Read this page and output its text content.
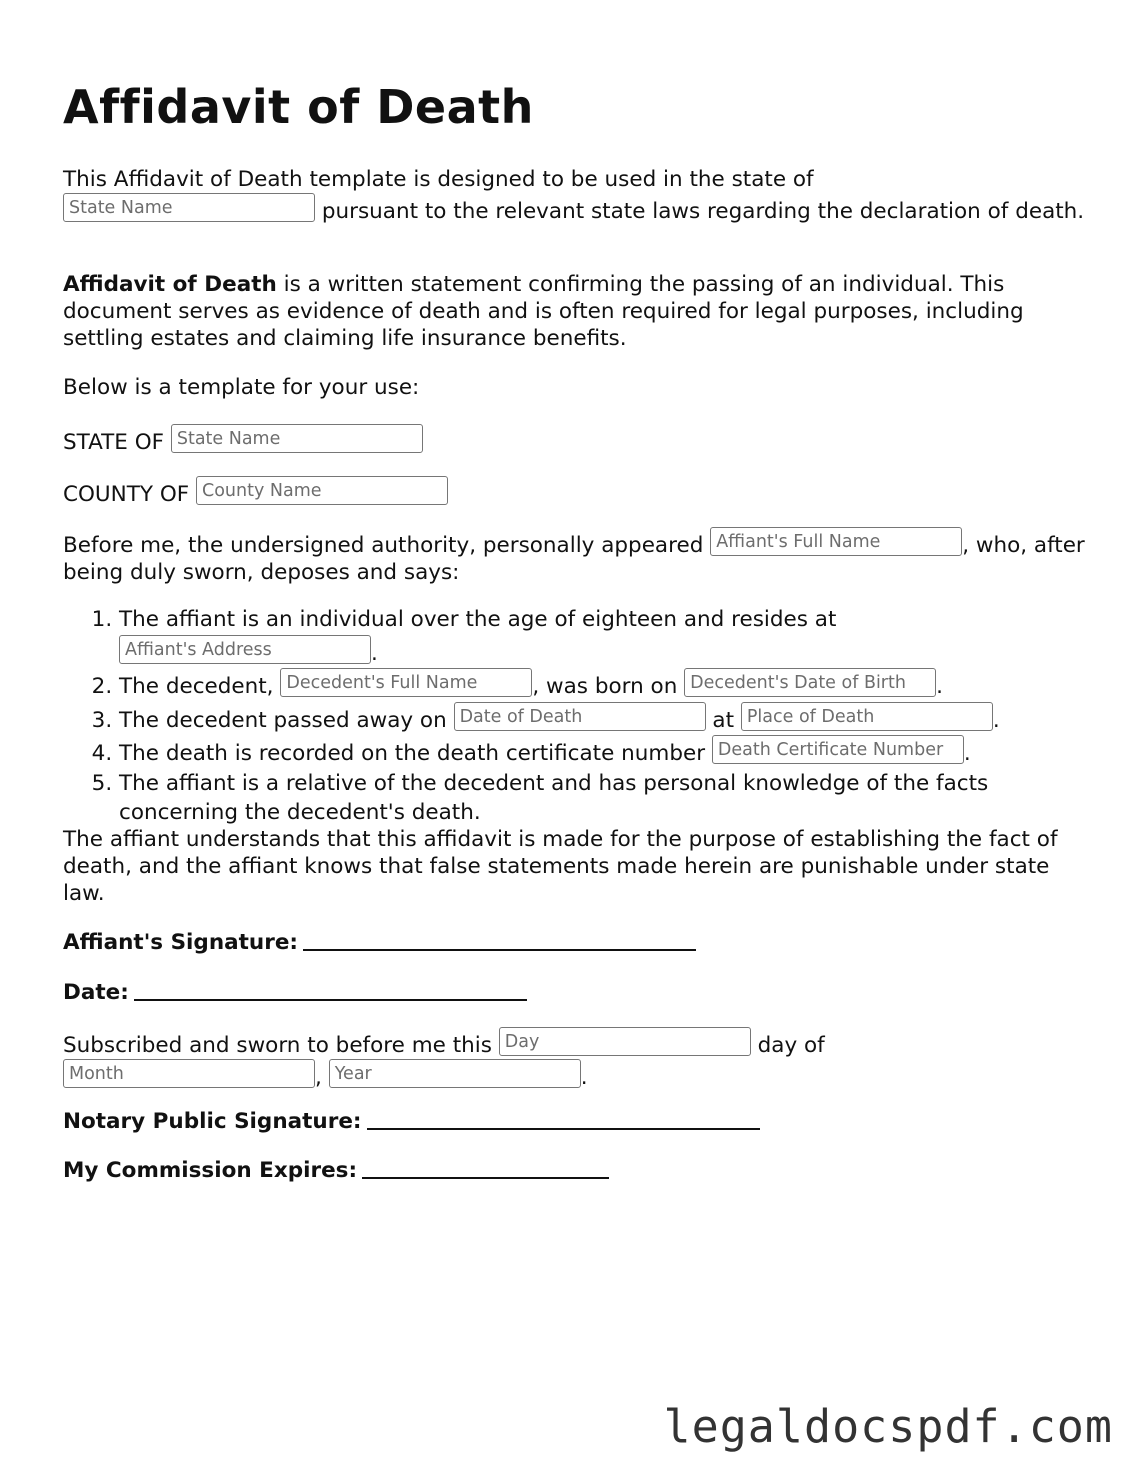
Affidavit of Death

This Affidavit of Death template is designed to be used in the state of
State Name	pursuant to the relevant state laws regarding the declaration of death.

Affidavit of Death is a written statement confirming the passing of an individual. This document serves as evidence of death and is often required for legal purposes, including settling estates and claiming life insurance benefits.

Below is a template for your use:

STATE OF State Name

COUNTY OF County Name

Before me, the undersigned authority, personally appeared Affiant's Full Name	, who, after being duly sworn, deposes and says:

1. The affiant is an individual over the age of eighteen and resides at
Affiant's Address	.
2. The decedent, Decedent's Full Name	, was born on Decedent's Date of Birth .
3. The decedent passed away on Date of Death	at Place of Death	.
4. The death is recorded on the death certificate number Death Certificate Number .
5. The affiant is a relative of the decedent and has personal knowledge of the facts concerning the decedent's death.

The affiant understands that this affidavit is made for the purpose of establishing the fact of death, and the affiant knows that false statements made herein are punishable under state law.

Affiant's Signature:
Date:

Subscribed and sworn to before me this Day	day of
Month	, Year	.

Notary Public Signature:
My Commission Expires:
legaldocspdf.com
